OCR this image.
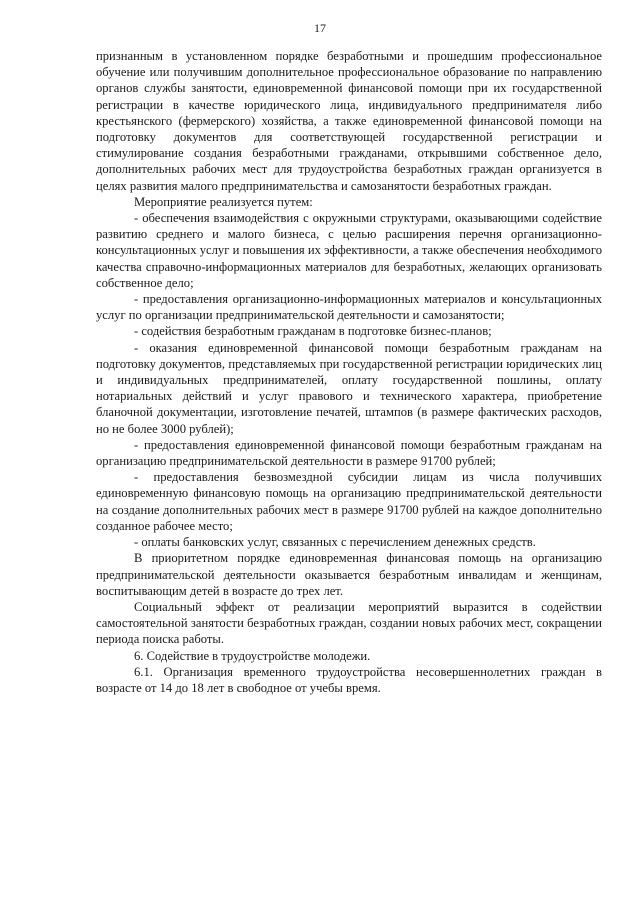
17

признанным в установленном порядке безработными и прошедшим профессиональное обучение или получившим дополнительное профессиональное образование по направлению органов службы занятости, единовременной финансовой помощи при их государственной регистрации в качестве юридического лица, индивидуального предпринимателя либо крестьянского (фермерского) хозяйства, а также единовременной финансовой помощи на подготовку документов для соответствующей государственной регистрации и стимулирование создания безработными гражданами, открывшими собственное дело, дополнительных рабочих мест для трудоустройства безработных граждан организуется в целях развития малого предпринимательства и самозанятости безработных граждан.

Мероприятие реализуется путем:

- обеспечения взаимодействия с окружными структурами, оказывающими содействие развитию среднего и малого бизнеса, с целью расширения перечня организационно-консультационных услуг и повышения их эффективности, а также обеспечения необходимого качества справочно-информационных материалов для безработных, желающих организовать собственное дело;

- предоставления организационно-информационных материалов и консультационных услуг по организации предпринимательской деятельности и самозанятости;

- содействия безработным гражданам в подготовке бизнес-планов;

- оказания единовременной финансовой помощи безработным гражданам на подготовку документов, представляемых при государственной регистрации юридических лиц и индивидуальных предпринимателей, оплату государственной пошлины, оплату нотариальных действий и услуг правового и технического характера, приобретение бланочной документации, изготовление печатей, штампов (в размере фактических расходов, но не более 3000 рублей);

- предоставления единовременной финансовой помощи безработным гражданам на организацию предпринимательской деятельности в размере 91700 рублей;

- предоставления безвозмездной субсидии лицам из числа получивших единовременную финансовую помощь на организацию предпринимательской деятельности на создание дополнительных рабочих мест в размере 91700 рублей на каждое дополнительно созданное рабочее место;

- оплаты банковских услуг, связанных с перечислением денежных средств.

В приоритетном порядке единовременная финансовая помощь на организацию предпринимательской деятельности оказывается безработным инвалидам и женщинам, воспитывающим детей в возрасте до трех лет.

Социальный эффект от реализации мероприятий выразится в содействии самостоятельной занятости безработных граждан, создании новых рабочих мест, сокращении периода поиска работы.

6. Содействие в трудоустройстве молодежи.

6.1. Организация временного трудоустройства несовершеннолетних граждан в возрасте от 14 до 18 лет в свободное от учебы время.
